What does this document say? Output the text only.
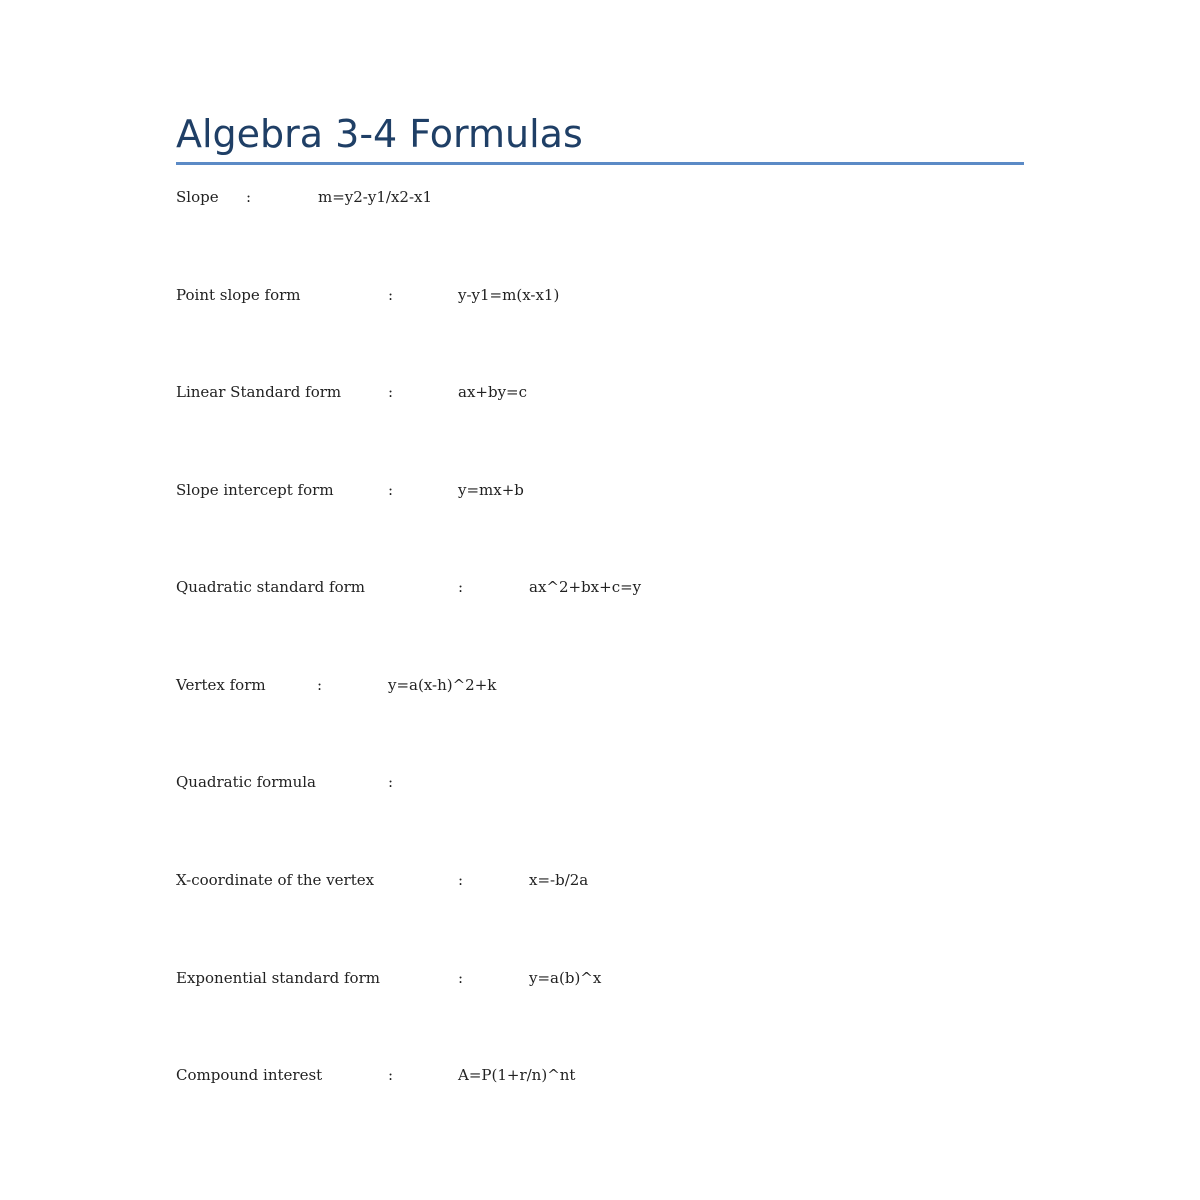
Algebra 3-4 Formulas
Slope :	m=y2-y1/x2-x1
Point slope form	:	y-y1=m(x-x1)
Linear Standard form	:	ax+by=c
Slope intercept form	:	y=mx+b
Quadratic standard form	:	ax^2+bx+c=y
Vertex form	:	y=a(x-h)^2+k
Quadratic formula	:
X-coordinate of the vertex	:	x=-b/2a
Exponential standard form	:	y=a(b)^x
Compound interest	:	A=P(1+r/n)^nt
